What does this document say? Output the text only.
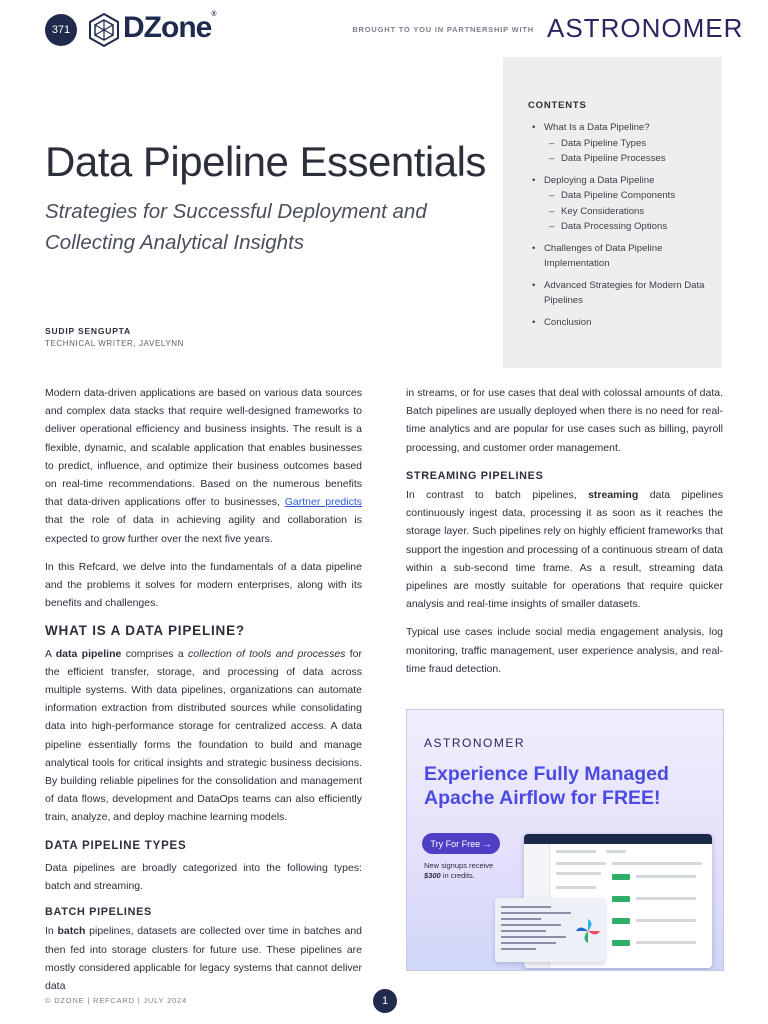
371 DZone®
BROUGHT TO YOU IN PARTNERSHIP WITH ASTRONOMER
Data Pipeline Essentials
Strategies for Successful Deployment and Collecting Analytical Insights
SUDIP SENGUPTA
TECHNICAL WRITER, JAVELYNN
CONTENTS
• What Is a Data Pipeline?
– Data Pipeline Types
– Data Pipeline Processes
• Deploying a Data Pipeline
– Data Pipeline Components
– Key Considerations
– Data Processing Options
• Challenges of Data Pipeline Implementation
• Advanced Strategies for Modern Data Pipelines
• Conclusion

Modern data-driven applications are based on various data sources and complex data stacks that require well-designed frameworks to deliver operational efficiency and business insights. The result is a flexible, dynamic, and scalable application that enables businesses to predict, influence, and optimize their business outcomes based on real-time recommendations. Based on the numerous benefits that data-driven applications offer to businesses, Gartner predicts that the role of data in achieving agility and collaboration is expected to grow further over the next five years.

In this Refcard, we delve into the fundamentals of a data pipeline and the problems it solves for modern enterprises, along with its benefits and challenges.

WHAT IS A DATA PIPELINE?

A data pipeline comprises a collection of tools and processes for the efficient transfer, storage, and processing of data across multiple systems. With data pipelines, organizations can automate information extraction from distributed sources while consolidating data into high-performance storage for centralized access. A data pipeline essentially forms the foundation to build and manage analytical tools for critical insights and strategic business decisions. By building reliable pipelines for the consolidation and management of data flows, development and DataOps teams can also efficiently train, analyze, and deploy machine learning models.

DATA PIPELINE TYPES

Data pipelines are broadly categorized into the following types: batch and streaming.

BATCH PIPELINES

In batch pipelines, datasets are collected over time in batches and then fed into storage clusters for future use. These pipelines are mostly considered applicable for legacy systems that cannot deliver data

in streams, or for use cases that deal with colossal amounts of data. Batch pipelines are usually deployed when there is no need for real-time analytics and are popular for use cases such as billing, payroll processing, and customer order management.

STREAMING PIPELINES

In contrast to batch pipelines, streaming data pipelines continuously ingest data, processing it as soon as it reaches the storage layer. Such pipelines rely on highly efficient frameworks that support the ingestion and processing of a continuous stream of data within a sub-second time frame. As a result, streaming data pipelines are mostly suitable for operations that require quicker analysis and real-time insights of smaller datasets.

Typical use cases include social media engagement analysis, log monitoring, traffic management, user experience analysis, and real-time fraud detection.

ASTRONOMER
Experience Fully Managed Apache Airflow for FREE!
Try For Free →
New signups receive $300 in credits.
© DZONE | REFCARD | JULY 2024	1
